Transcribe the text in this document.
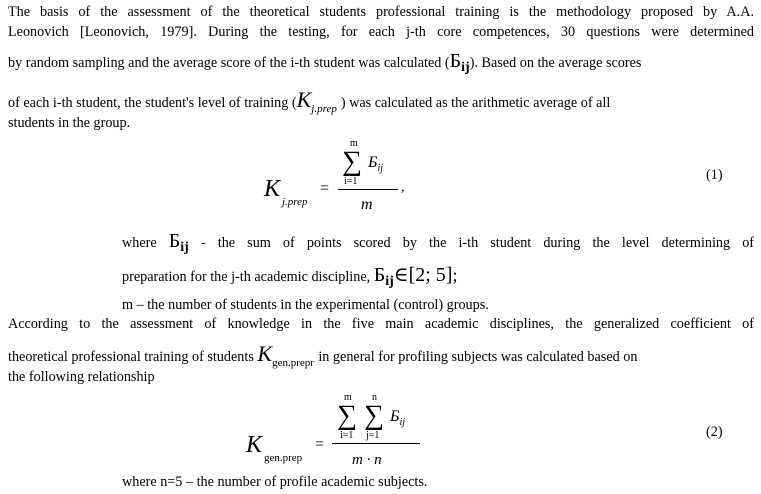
The basis of the assessment of the theoretical students professional training is the methodology proposed by A.A.
Leonovich [Leonovich, 1979]. During the testing, for each j-th core competences, 30 questions were determined
by random sampling and the average score of the i-th student was calculated $(Б_{ij})$. Based on the average scores
of each i-th student, the student's level of training ($K_{j.prep}$ ) was calculated as the arithmetic average of all
students in the group.
m
∑
i=1
$Б_{ij}$
m
K j.prep
=	,
(1)
where $Б_{ij}$ - the sum of points scored by the i-th student during the level determining of
preparation for the j-th academic discipline, $Б_{ij}\in[2$; 5];
m – the number of students in the experimental (control) groups.
According to the assessment of knowledge in the five main academic disciplines, the generalized coefficient of
theoretical professional training of students $K_{gen.prepг}$ in general for profiling subjects was calculated based on
the following relationship
m
∑
i=1
n
∑
j=1
$Б_{ij}$
m · n
K gen.prep
=
(2)
where n=5 – the number of profile academic subjects.
